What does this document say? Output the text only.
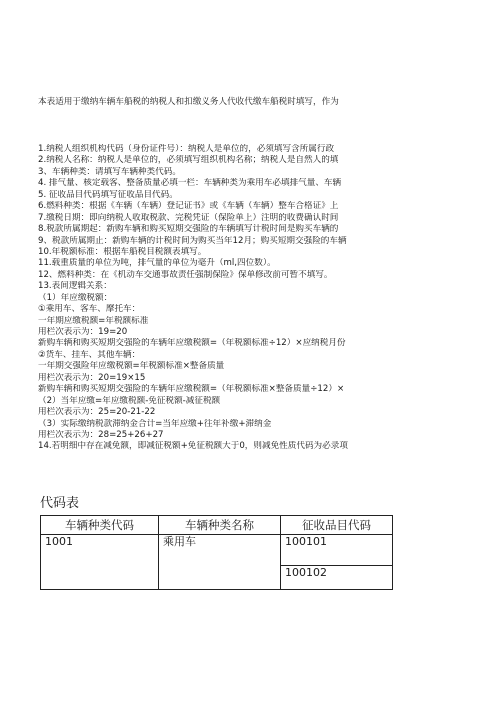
本表适用于缴纳车辆车船税的纳税人和扣缴义务人代收代缴车船税时填写，作为
1.纳税人组织机构代码（身份证件号）：纳税人是单位的，必须填写含所属行政
2.纳税人名称：纳税人是单位的，必须填写组织机构名称；纳税人是自然人的填
3、车辆种类：请填写车辆种类代码。
4. 排气量、核定载客、整备质量必填一栏：车辆种类为乘用车必填排气量、车辆
5. 征收品目代码填写征收品目代码。
6.燃料种类：根据《车辆（车辆）登记证书》或《车辆（车辆）整车合格证》上
7.缴税日期：即向纳税人收取税款、完税凭证（保险单上）注明的收费确认时间
8.税款所属期起：新购车辆和购买短期交强险的车辆填写计税时间是购买车辆的
9、税款所属期止：新购车辆的计税时间为购买当年12月；购买短期交强险的车辆
10.年税额标准：根据车船税目税额表填写。
11.载重质量的单位为吨，排气量的单位为毫升（ml,四位数）。
12、燃料种类：在《机动车交通事故责任强制保险》保单修改前可暂不填写。
13.表间逻辑关系：
（1）年应缴税额：
①乘用车、客车、摩托车：
一年期应缴税额=年税额标准
用栏次表示为：19=20
新购车辆和购买短期交强险的车辆年应缴税额=（年税额标准÷12）×应纳税月份
②货车、挂车、其他车辆：
一年期交强险年应缴税额=年税额标准×整备质量
用栏次表示为：20=19×15
新购车辆和购买短期交强险的车辆年应缴税额=（年税额标准×整备质量÷12）×
（2）当年应缴=年应缴税额-免征税额-减征税额
用栏次表示为：25=20-21-22
（3）实际缴纳税款滞纳金合计=当年应缴+往年补缴+滞纳金
用栏次表示为：28=25+26+27
14.若明细中存在减免额，即减征税额+免征税额大于0，则减免性质代码为必录项
代码表
车辆种类代码	车辆种类名称	征收品目代码
1001	乘用车	100101
		100102
